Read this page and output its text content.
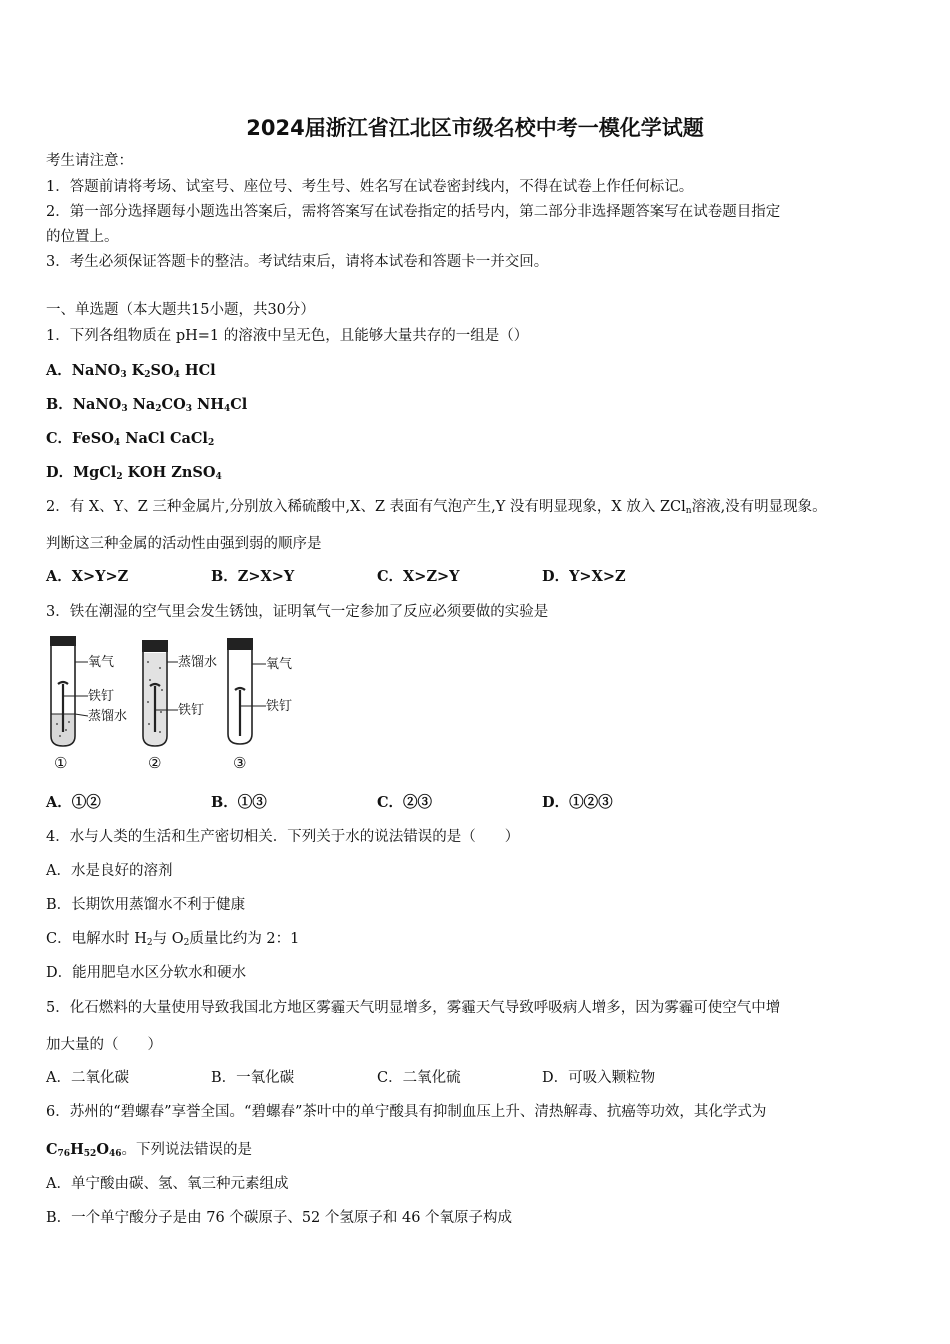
2024届浙江省江北区市级名校中考一模化学试题
考生请注意：
1．答题前请将考场、试室号、座位号、考生号、姓名写在试卷密封线内，不得在试卷上作任何标记。
2．第一部分选择题每小题选出答案后，需将答案写在试卷指定的括号内，第二部分非选择题答案写在试卷题目指定
的位置上。
3．考生必须保证答题卡的整洁。考试结束后，请将本试卷和答题卡一并交回。
一、单选题（本大题共15小题，共30分）
1．下列各组物质在 pH=1 的溶液中呈无色，且能够大量共存的一组是（）
A．NaNO$_3$ $K_2SO_4$ HCl
B．NaNO$_3$ $Na_2CO_3$ $NH_4Cl$
C．FeSO$_4$ NaCl CaCl$_2$
D．MgCl$_2$ KOH ZnSO$_4$
2．有 X、Y、Z 三种金属片,分别放入稀硫酸中,X、Z 表面有气泡产生,Y 没有明显现象，X 放入 ZCl$_n$溶液,没有明显现象。
判断这三种金属的活动性由强到弱的顺序是
A．X>Y>Z	B．Z>X>Y	C．X>Z>Y	D．Y>X>Z
3．铁在潮湿的空气里会发生锈蚀，证明氧气一定参加了反应必须要做的实验是
氧气
铁钉
蒸馏水
①
蒸馏水
铁钉
②
氧气
铁钉
③
A．①②	B．①③	C．②③	D．①②③
4．水与人类的生活和生产密切相关．下列关于水的说法错误的是（　　）
A．水是良好的溶剂
B．长期饮用蒸馏水不利于健康
C．电解水时 $H_2$与 $O_2$质量比约为 2：1
D．能用肥皂水区分软水和硬水
5．化石燃料的大量使用导致我国北方地区雾霾天气明显增多，雾霾天气导致呼吸病人增多，因为雾霾可使空气中增
加大量的（　　）
A．二氧化碳	B．一氧化碳	C．二氧化硫	D．可吸入颗粒物
6．苏州的“碧螺春”享誉全国。“碧螺春”茶叶中的单宁酸具有抑制血压上升、清热解毒、抗癌等功效，其化学式为
$C_{76}H_{52}O_{46}$。下列说法错误的是
A．单宁酸由碳、氢、氧三种元素组成
B．一个单宁酸分子是由 76 个碳原子、52 个氢原子和 46 个氧原子构成
